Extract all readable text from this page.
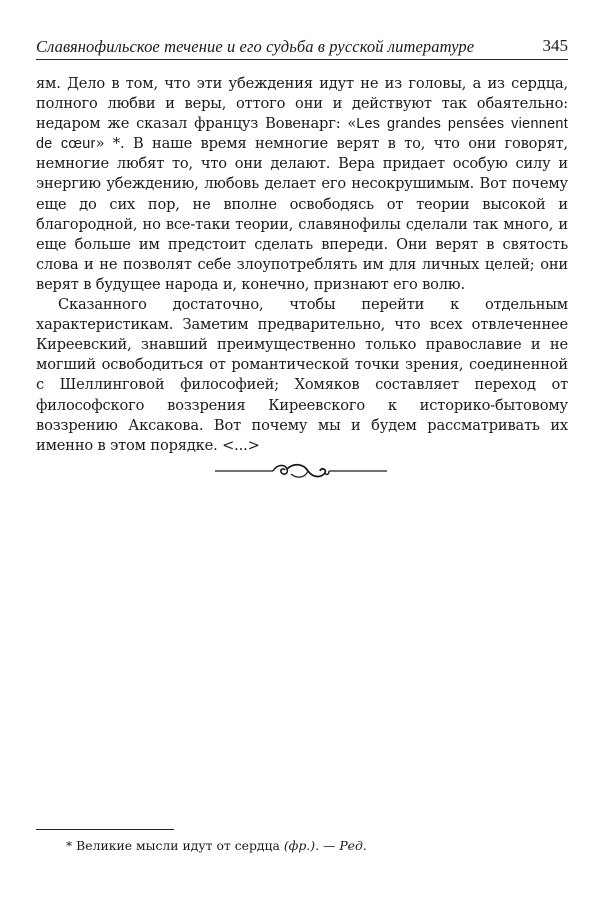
Славянофильское течение и его судьба в русской литературе	345

ям. Дело в том, что эти убеждения идут не из головы, а из сердца, полного любви и веры, оттого они и действуют так обаятельно: недаром же сказал француз Вовенарг: «Les grandes pensées viennent de cœur» *. В наше время немногие верят в то, что они говорят, немногие любят то, что они делают. Вера придает особую силу и энергию убеждению, любовь делает его несокрушимым. Вот почему еще до сих пор, не вполне освободясь от теории высокой и благородной, но все-таки теории, славянофилы сделали так много, и еще больше им предстоит сделать впереди. Они верят в святость слова и не позволят себе злоупотреблять им для личных целей; они верят в будущее народа и, конечно, признают его волю.

Сказанного достаточно, чтобы перейти к отдельным характеристикам. Заметим предварительно, что всех отвлеченнее Киреевский, знавший преимущественно только православие и не могший освободиться от романтической точки зрения, соединенной с Шеллинговой философией; Хомяков составляет переход от философского воззрения Киреевского к историко-бытовому воззрению Аксакова. Вот почему мы и будем рассматривать их именно в этом порядке. <...>

* Великие мысли идут от сердца (фр.). — Ред.
